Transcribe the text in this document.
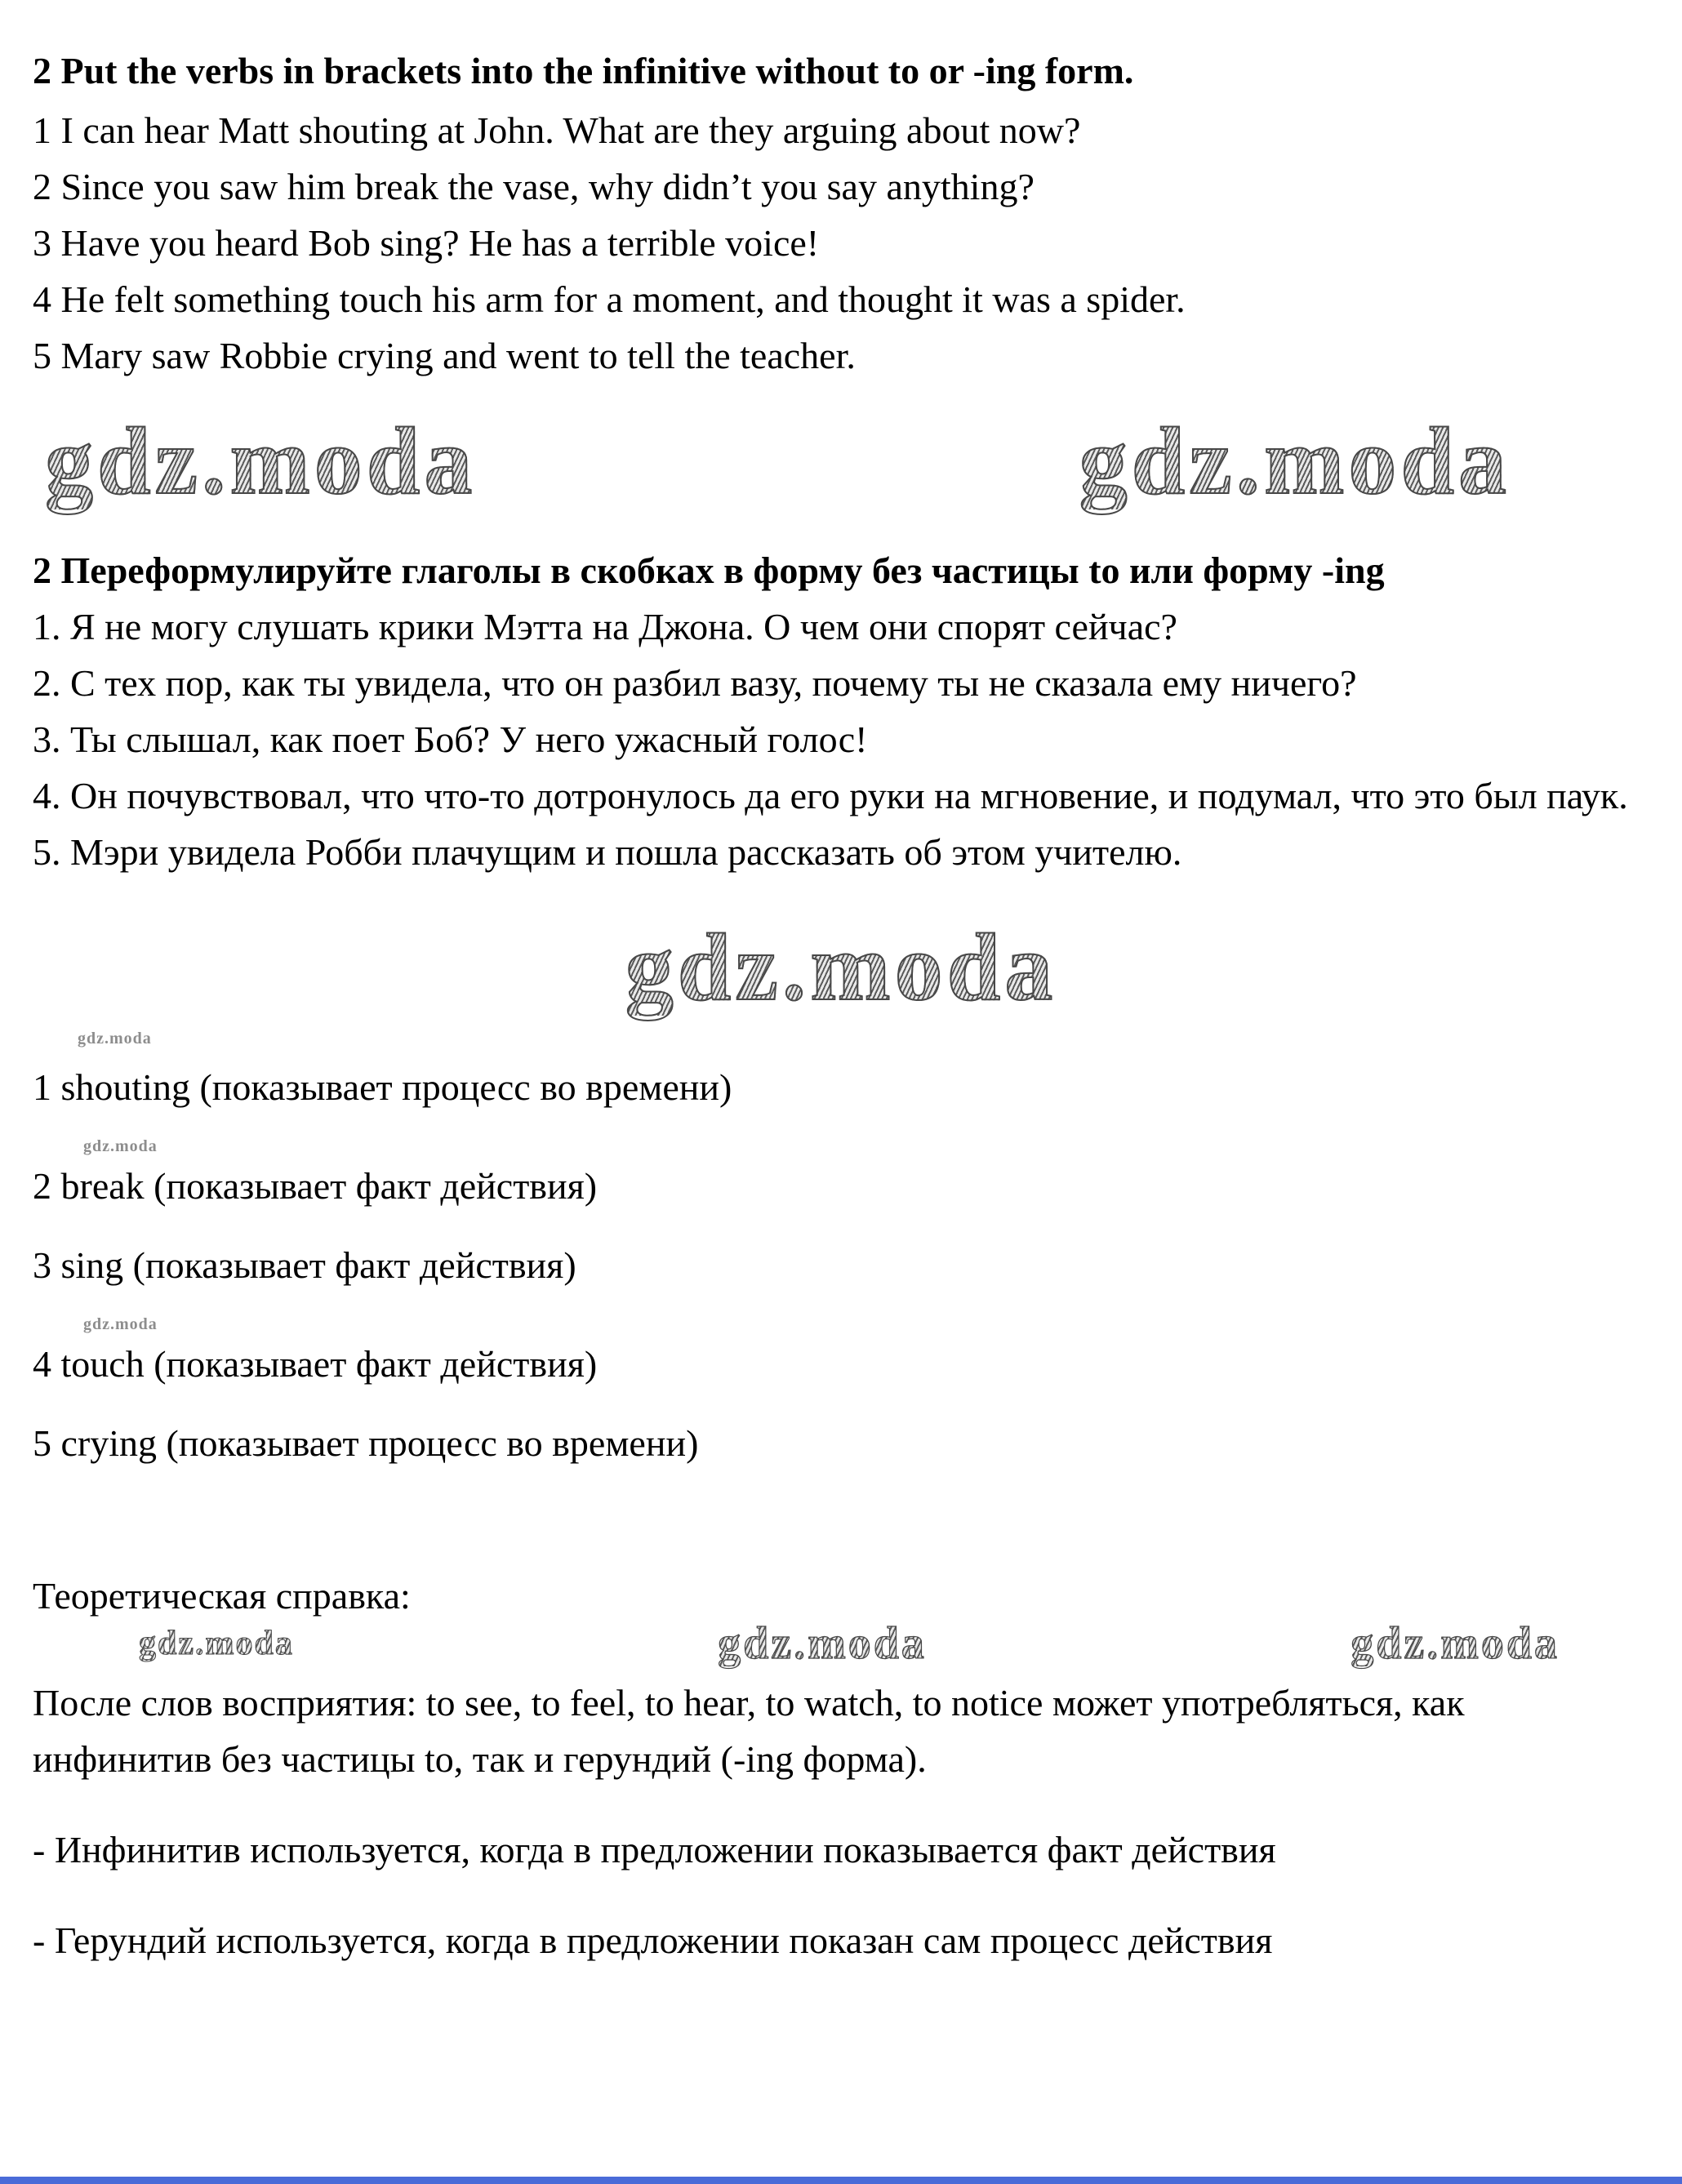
2 Put the verbs in brackets into the infinitive without to or -ing form.

1 I can hear Matt shouting at John. What are they arguing about now?

2 Since you saw him break the vase, why didn’t you say anything?

3 Have you heard Bob sing? He has a terrible voice!

4 He felt something touch his arm for a moment, and thought it was a spider.

5 Mary saw Robbie crying and went to tell the teacher.

gdz.moda	gdz.moda
2 Переформулируйте глаголы в скобках в форму без частицы to или форму -ing

1. Я не могу слушать крики Мэтта на Джона. О чем они спорят сейчас?

2. С тех пор, как ты увидела, что он разбил вазу, почему ты не сказала ему ничего?

3. Ты слышал, как поет Боб? У него ужасный голос!

4. Он почувствовал, что что-то дотронулось да его руки на мгновение, и подумал, что это был паук.

5. Мэри увидела Робби плачущим и пошла рассказать об этом учителю.

gdz.moda
gdz.moda

1 shouting (показывает процесс во времени)

gdz.moda

2 break (показывает факт действия)

3 sing (показывает факт действия)

gdz.moda

4 touch (показывает факт действия)

5 crying (показывает процесс во времени)

Теоретическая справка:

gdz.moda	gdz.moda	gdz.moda

После слов восприятия: to see, to feel, to hear, to watch, to notice может употребляться, как инфинитив без частицы to, так и герундий (-ing форма).

- Инфинитив используется, когда в предложении показывается факт действия

- Герундий используется, когда в предложении показан сам процесс действия
